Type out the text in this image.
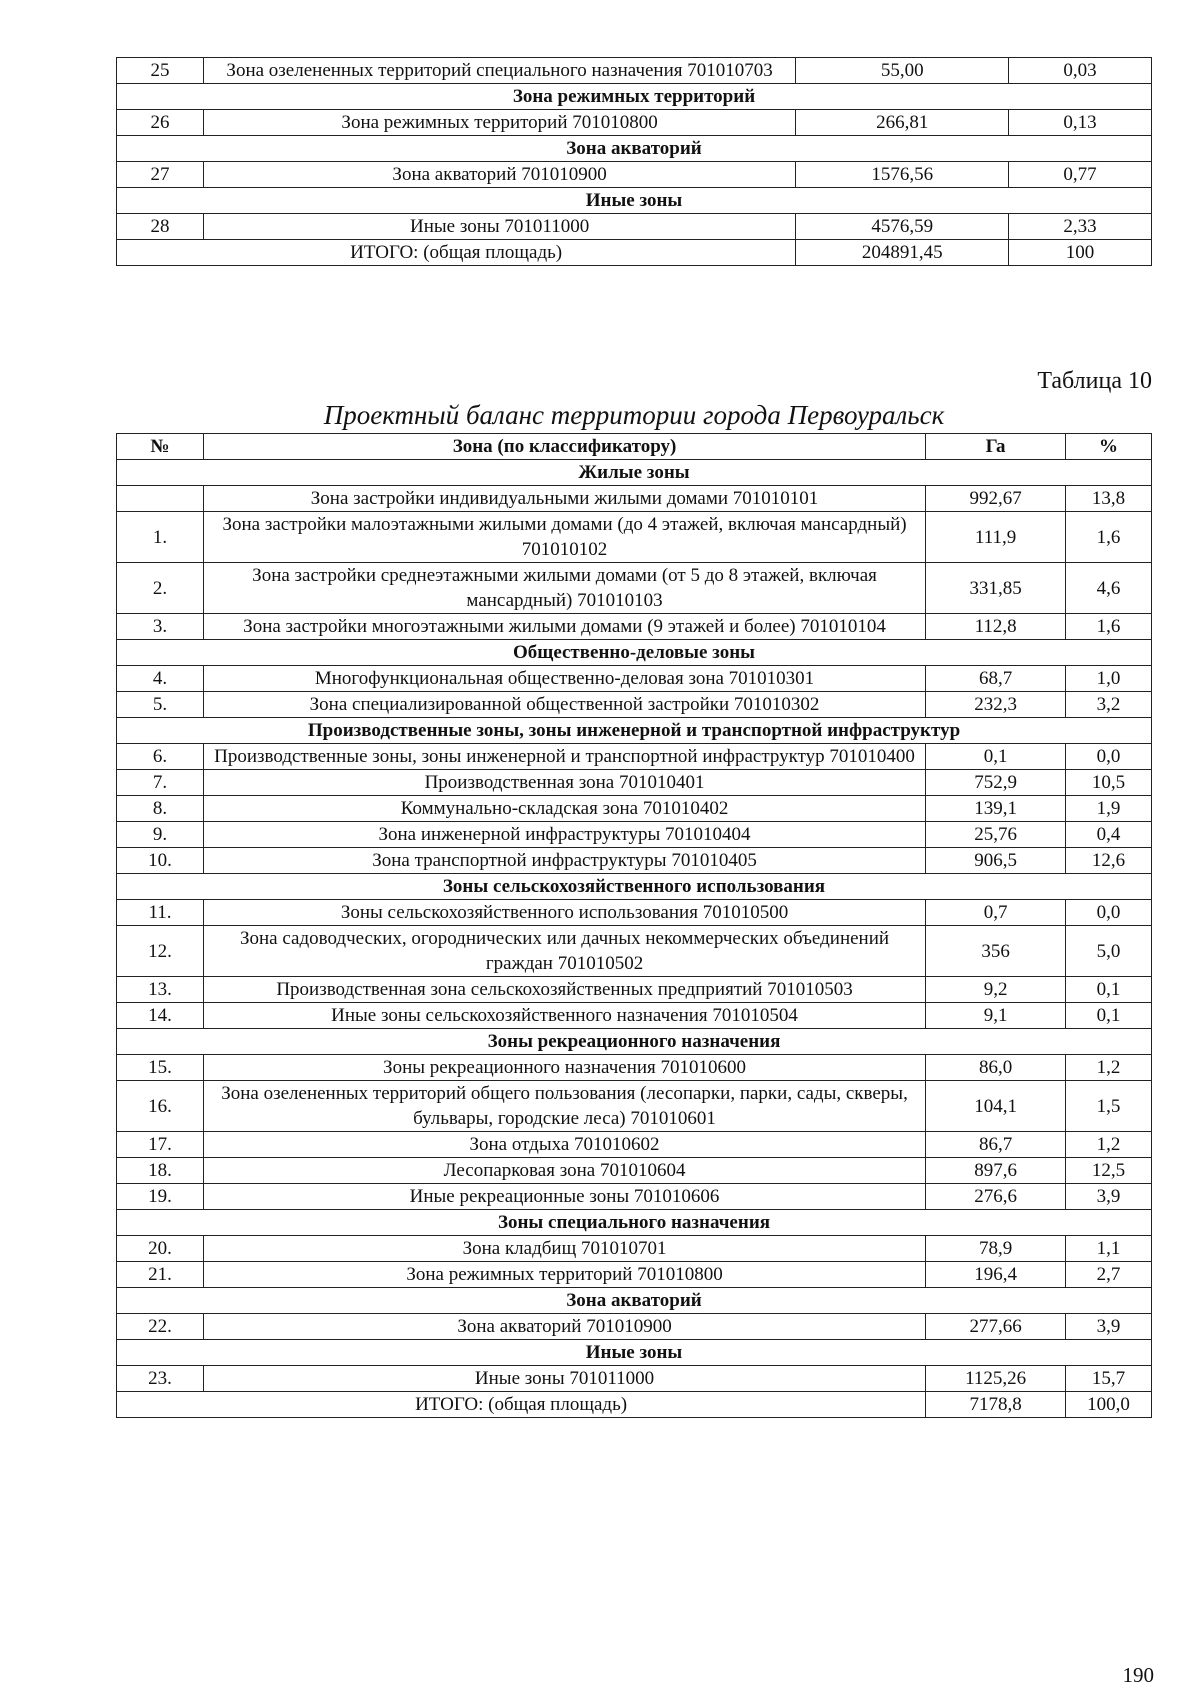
25	Зона озелененных территорий специального назначения 701010703	55,00	0,03
Зона режимных территорий			
26	Зона режимных территорий 701010800	266,81	0,13
Зона акваторий			
27	Зона акваторий 701010900	1576,56	0,77
Иные зоны			
28	Иные зоны 701011000	4576,59	2,33
ИТОГО: (общая площадь)		204891,45	100
Таблица 10
Проектный баланс территории города Первоуральск
№	Зона (по классификатору)	Га	%
Жилые зоны			
	Зона застройки индивидуальными жилыми домами 701010101	992,67	13,8
1.	Зона застройки малоэтажными жилыми домами (до 4 этажей, включая мансардный) 701010102	111,9	1,6
2.	Зона застройки среднеэтажными жилыми домами (от 5 до 8 этажей, включая мансардный) 701010103	331,85	4,6
3.	Зона застройки многоэтажными жилыми домами (9 этажей и более) 701010104	112,8	1,6
Общественно-деловые зоны			
4.	Многофункциональная общественно-деловая зона 701010301	68,7	1,0
5.	Зона специализированной общественной застройки 701010302	232,3	3,2
Производственные зоны, зоны инженерной и транспортной инфраструктур			
6.	Производственные зоны, зоны инженерной и транспортной инфраструктур 701010400	0,1	0,0
7.	Производственная зона 701010401	752,9	10,5
8.	Коммунально-складская зона 701010402	139,1	1,9
9.	Зона инженерной инфраструктуры 701010404	25,76	0,4
10.	Зона транспортной инфраструктуры 701010405	906,5	12,6
Зоны сельскохозяйственного использования			
11.	Зоны сельскохозяйственного использования 701010500	0,7	0,0
12.	Зона садоводческих, огороднических или дачных некоммерческих объединений граждан 701010502	356	5,0
13.	Производственная зона сельскохозяйственных предприятий 701010503	9,2	0,1
14.	Иные зоны сельскохозяйственного назначения 701010504	9,1	0,1
Зоны рекреационного назначения			
15.	Зоны рекреационного назначения 701010600	86,0	1,2
16.	Зона озелененных территорий общего пользования (лесопарки, парки, сады, скверы, бульвары, городские леса) 701010601	104,1	1,5
17.	Зона отдыха 701010602	86,7	1,2
18.	Лесопарковая зона 701010604	897,6	12,5
19.	Иные рекреационные зоны 701010606	276,6	3,9
Зоны специального назначения			
20.	Зона кладбищ 701010701	78,9	1,1
21.	Зона режимных территорий 701010800	196,4	2,7
Зона акваторий			
22.	Зона акваторий 701010900	277,66	3,9
Иные зоны			
23.	Иные зоны 701011000	1125,26	15,7
ИТОГО: (общая площадь)		7178,8	100,0
190
